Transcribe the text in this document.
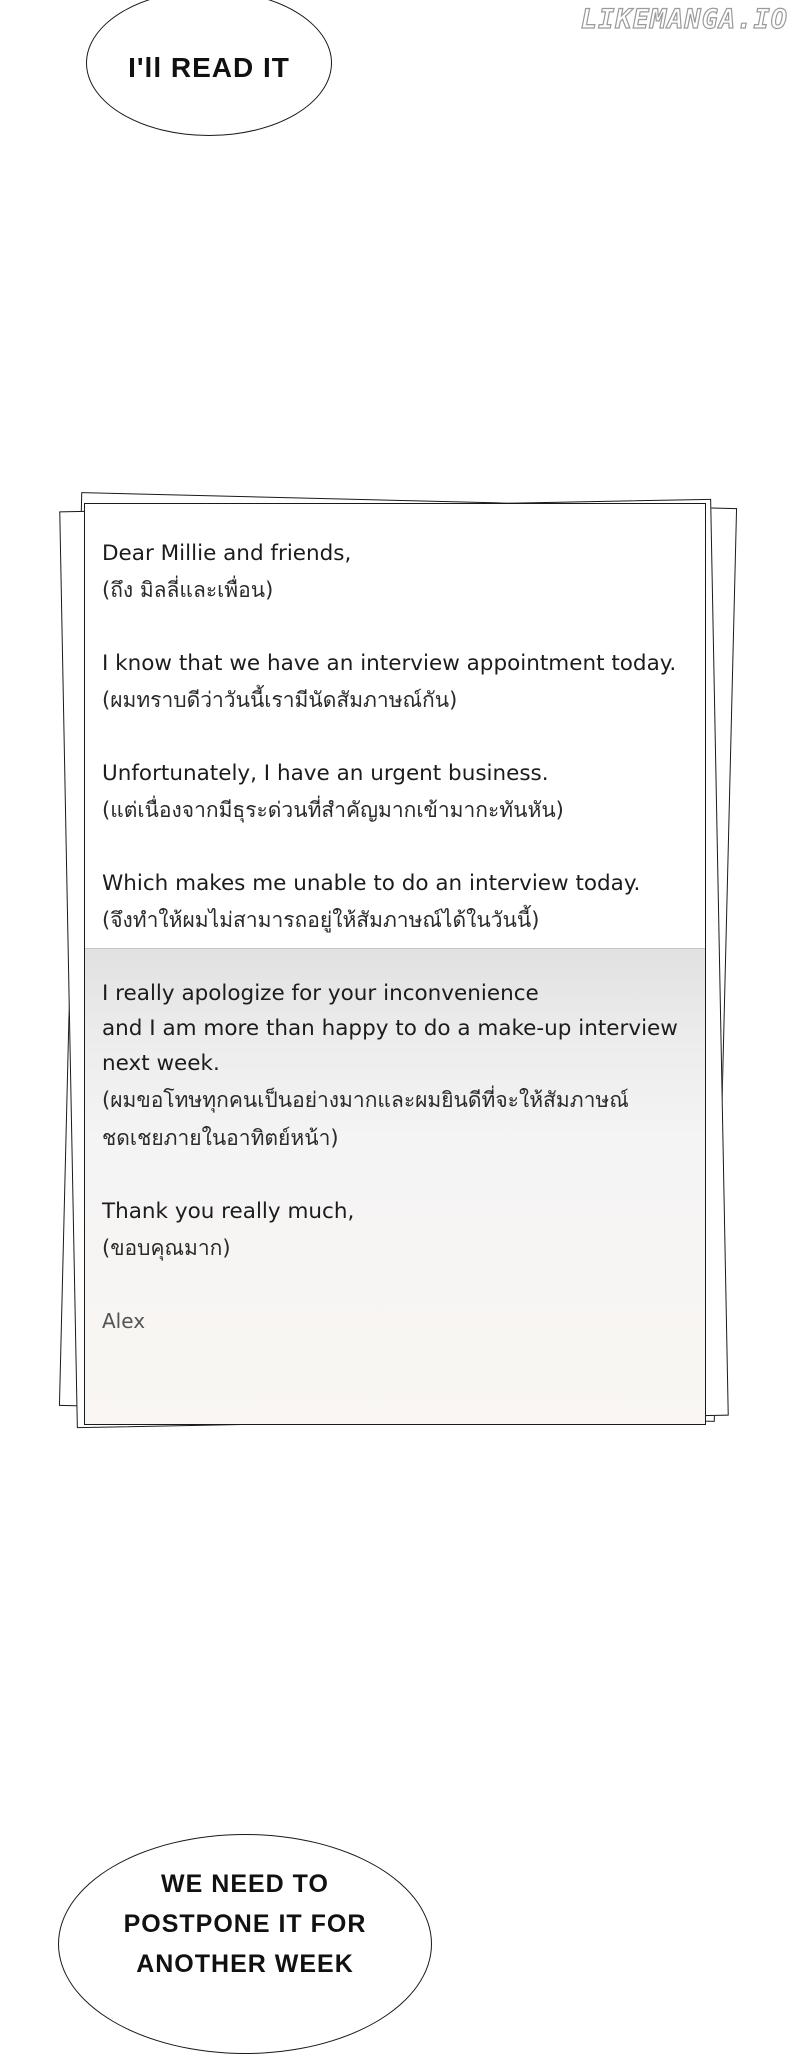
I'll READ IT
LIKEMANGA.IO
Dear Millie and friends,
(ถึง มิลลี่และเพื่อน)
I know that we have an interview appointment today.
(ผมทราบดีว่าวันนี้เรามีนัดสัมภาษณ์กัน)
Unfortunately, I have an urgent business.
(แต่เนื่องจากมีธุระด่วนที่สำคัญมากเข้ามากะทันหัน)
Which makes me unable to do an interview today.
(จึงทำให้ผมไม่สามารถอยู่ให้สัมภาษณ์ได้ในวันนี้)
I really apologize for your inconvenience
and I am more than happy to do a make-up interview
next week.
(ผมขอโทษทุกคนเป็นอย่างมากและผมยินดีที่จะให้สัมภาษณ์
ชดเชยภายในอาทิตย์หน้า)
Thank you really much,
(ขอบคุณมาก)
Alex
WE NEED TO
POSTPONE IT FOR
ANOTHER WEEK
